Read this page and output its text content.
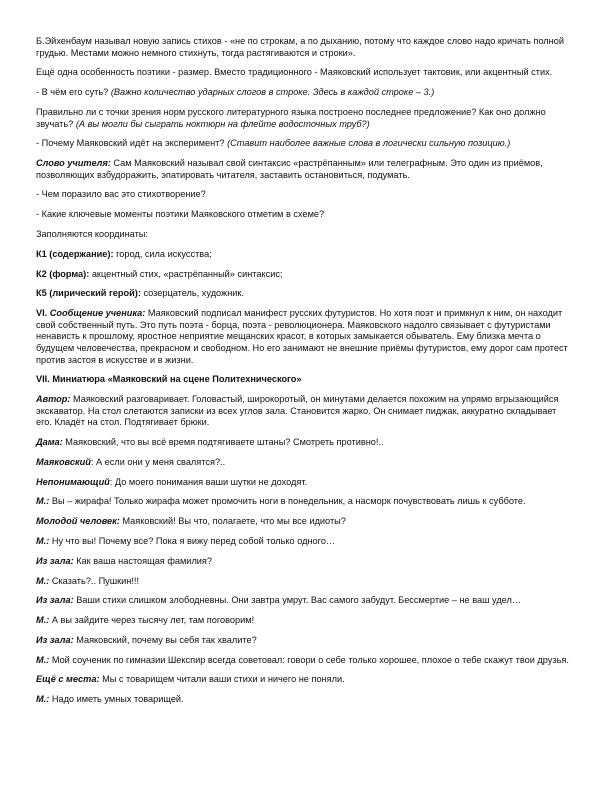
Б.Эйхенбаум называл новую запись стихов - «не по строкам, а по дыханию, потому что каждое слово надо кричать полной грудью. Местами можно немного стихнуть, тогда растягиваются и строки».

Ещё одна особенность поэтики - размер. Вместо традиционного - Маяковский использует тактовик, или акцентный стих.

- В чём его суть? (Важно количество ударных слогов в строке. Здесь в каждой строке – 3.)

Правильно ли с точки зрения норм русского литературного языка построено последнее предложение? Как оно должно звучать? (А вы могли бы сыграть ноктюрн на флейте водосточных труб?)

- Почему Маяковский идёт на эксперимент? (Ставит наиболее важные слова в логически сильную позицию.)

Слово учителя: Сам Маяковский называл свой синтаксис «растрёпанным» или телеграфным. Это один из приёмов, позволяющих взбудоражить, эпатировать читателя, заставить остановиться, подумать.

- Чем поразило вас это стихотворение?

- Какие ключевые моменты поэтики Маяковского отметим в схеме?

Заполняются координаты:

К1 (содержание): город, сила искусства;

К2 (форма): акцентный стих, «растрёпанный» синтаксис;

К5 (лирический герой): созерцатель, художник.

VI. Сообщение ученика: Маяковский подписал манифест русских футуристов. Но хотя поэт и примкнул к ним, он находит свой собственный путь. Это путь поэта - борца, поэта - революционера. Маяковского надолго связывает с футуристами ненависть к прошлому, яростное неприятие мещанских красот, в которых замыкается обыватель. Ему близка мечта о будущем человечества, прекрасном и свободном. Но его занимают не внешние приёмы футуристов, ему дорог сам протест против застоя в искусстве и в жизни.

VII. Миниатюра «Маяковский на сцене Политехнического»

Автор: Маяковский разговаривает. Головастый, широкоротый, он минутами делается похожим на упрямо вгрызающийся экскаватор. На стол слетаются записки из всех углов зала. Становится жарко. Он снимает пиджак, аккуратно складывает его. Кладёт на стол. Подтягивает брюки.

Дама: Маяковский, что вы всё время подтягиваете штаны? Смотреть противно!..

Маяковский: А если они у меня свалятся?..

Непонимающий: До моего понимания ваши шутки не доходят.

М.: Вы – жирафа! Только жирафа может промочить ноги в понедельник, а насморк почувствовать лишь к субботе.

Молодой человек: Маяковский! Вы что, полагаете, что мы все идиоты?

М.: Ну что вы! Почему все? Пока я вижу перед собой только одного…

Из зала: Как ваша настоящая фамилия?

М.: Сказать?.. Пушкин!!!

Из зала: Ваши стихи слишком злободневны. Они завтра умрут. Вас самого забудут. Бессмертие – не ваш удел…

М.: А вы зайдите через тысячу лет, там поговорим!

Из зала: Маяковский, почему вы себя так хвалите?

М.: Мой соученик по гимназии Шекспир всегда советовал: говори о себе только хорошее, плохое о тебе скажут твои друзья.

Ещё с места: Мы с товарищем читали ваши стихи и ничего не поняли.

М.: Надо иметь умных товарищей.
